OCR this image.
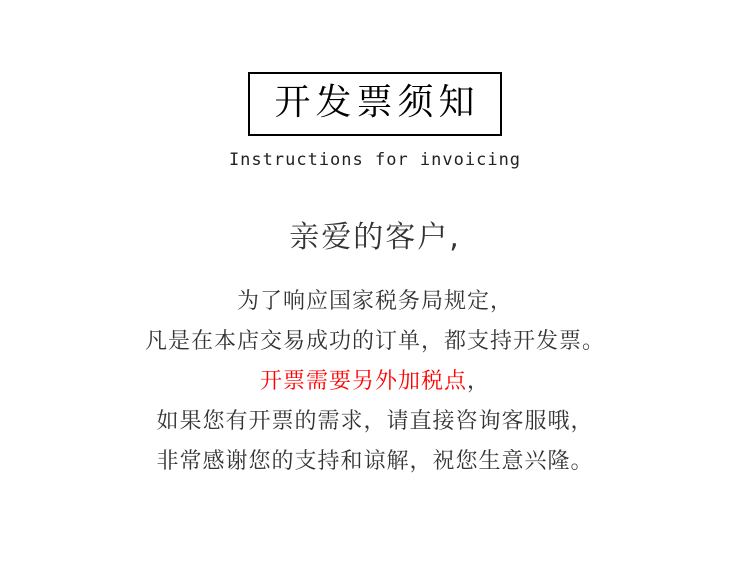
开发票须知
Instructions for invoicing
亲爱的客户,
为了响应国家税务局规定，
凡是在本店交易成功的订单，都支持开发票。
开票需要另外加税点，
如果您有开票的需求，请直接咨询客服哦，
非常感谢您的支持和谅解，祝您生意兴隆。
